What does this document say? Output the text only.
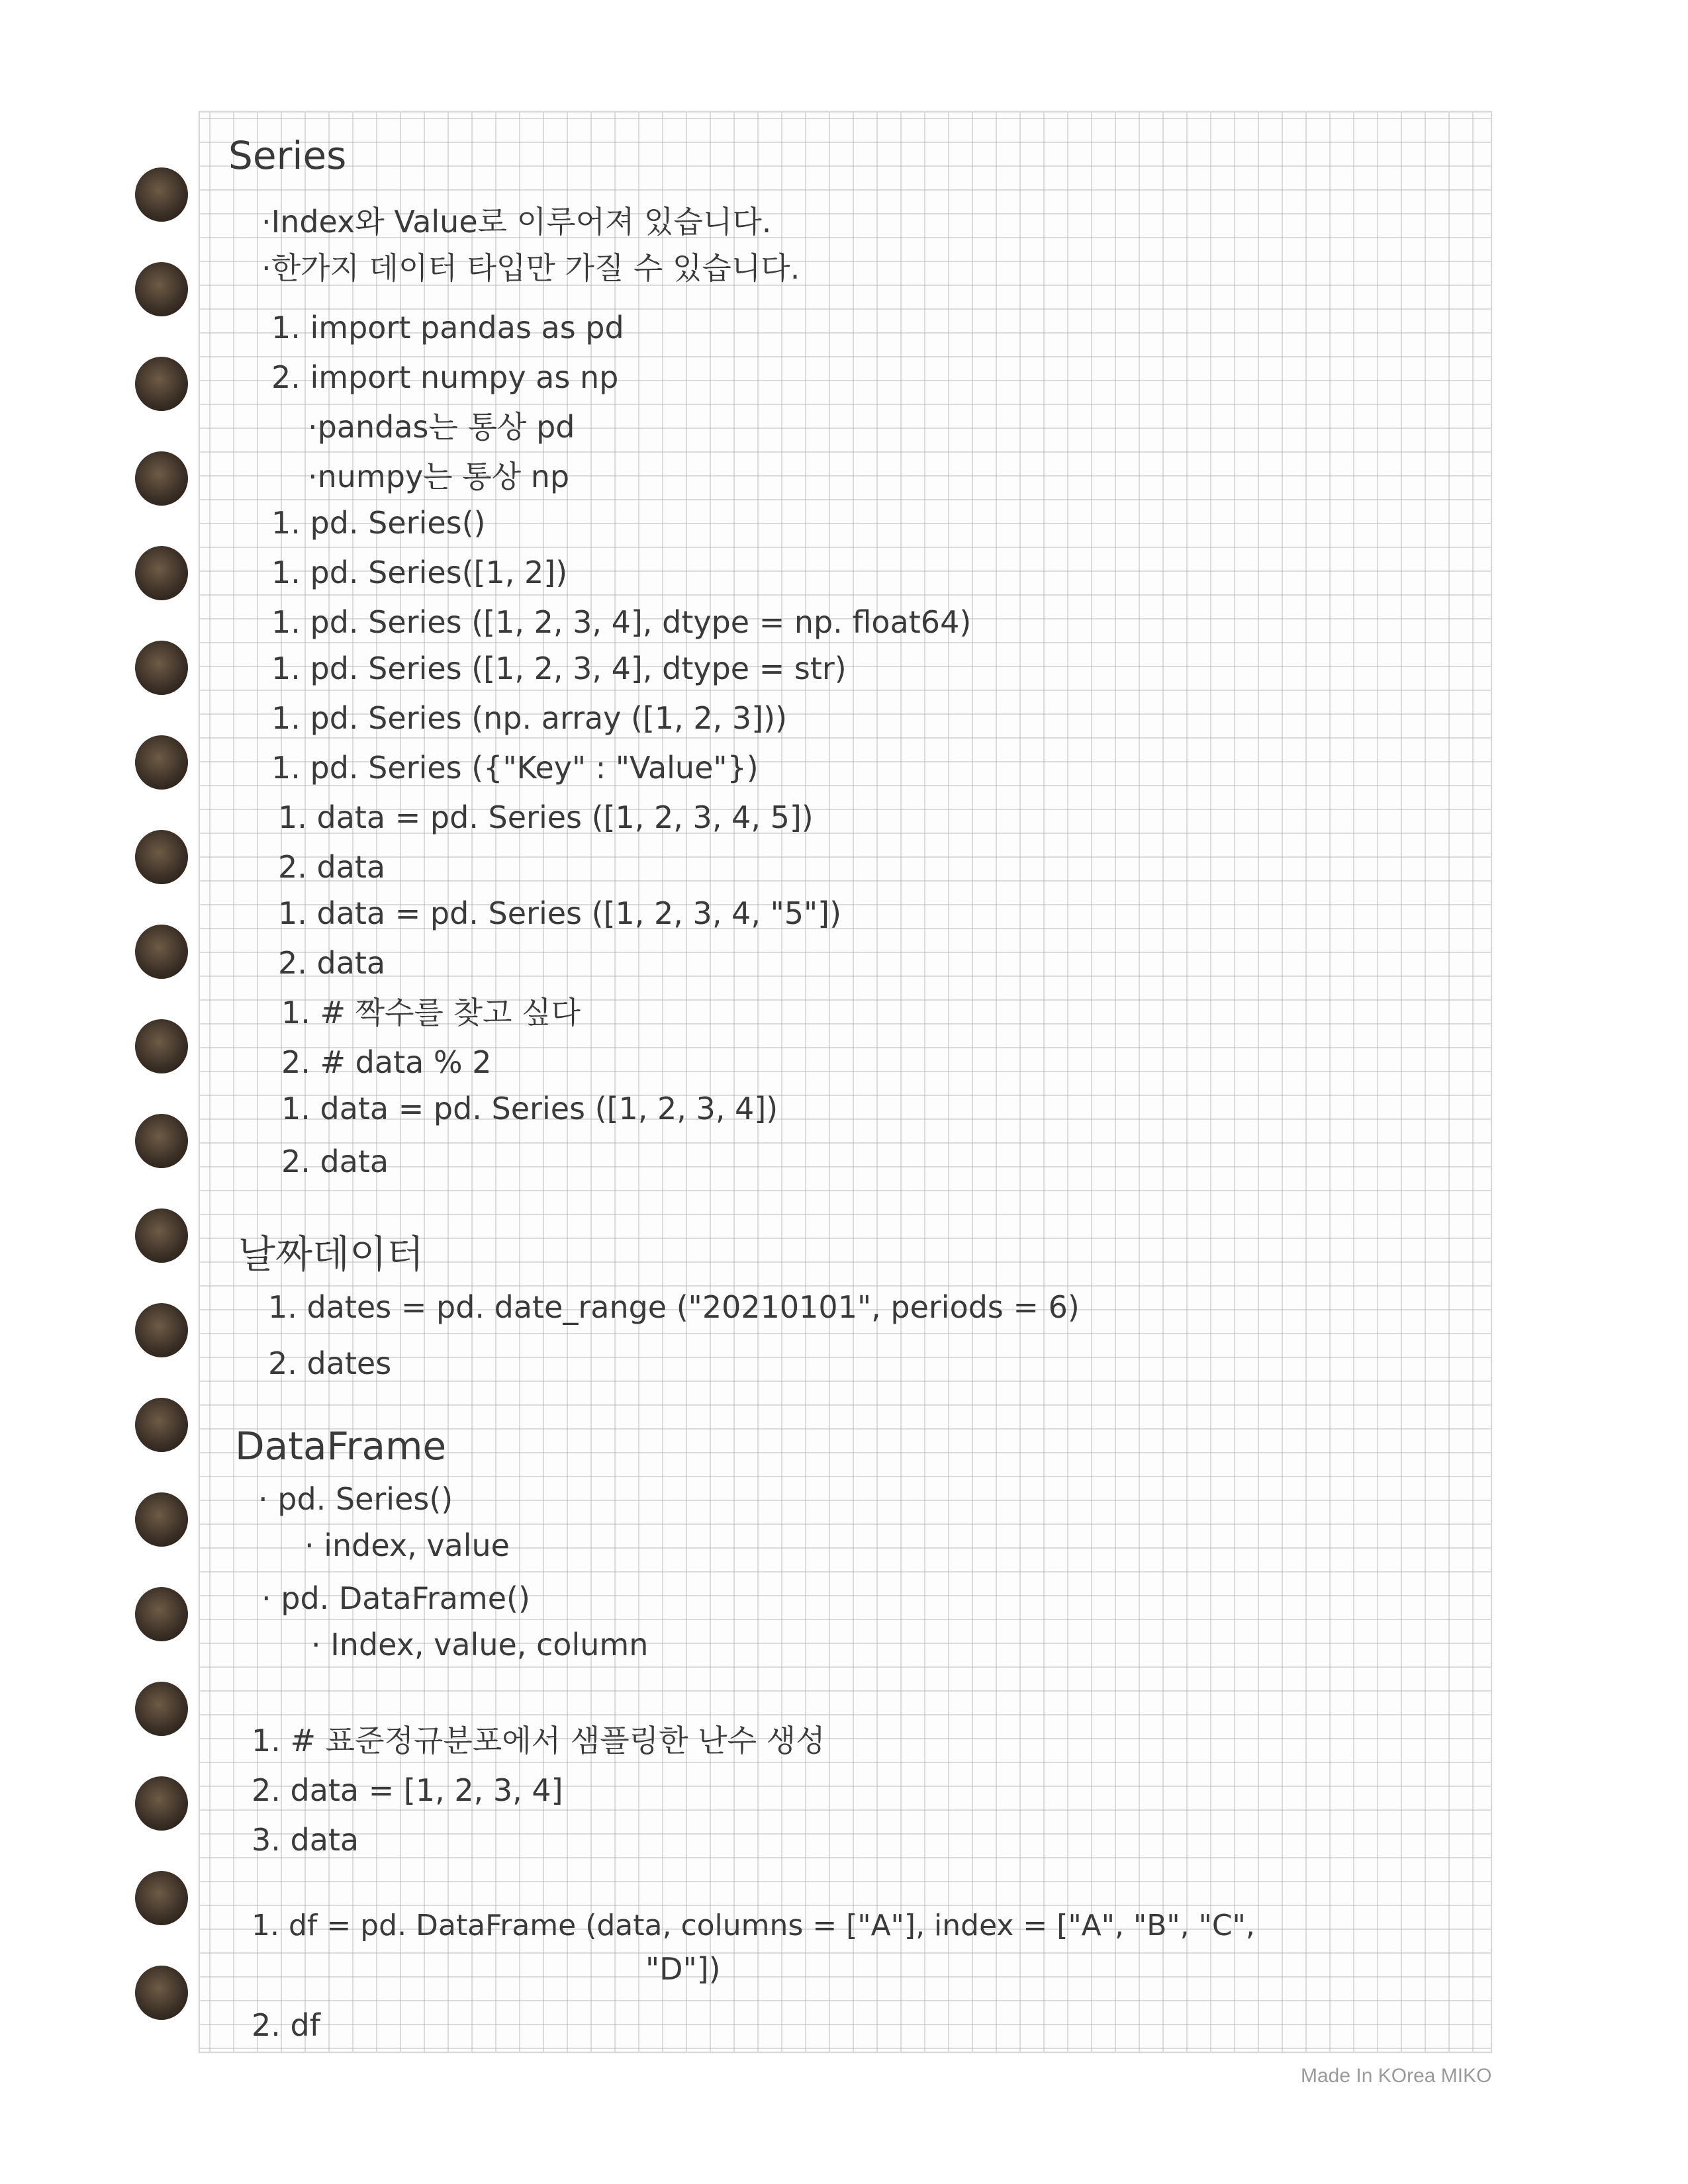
Series
·Index와 Value로 이루어져 있습니다.
·한가지 데이터 타입만 가질 수 있습니다.
1. import pandas as pd
2. import numpy as np
·pandas는 통상 pd
·numpy는 통상 np
1. pd. Series()
1. pd. Series([1, 2])
1. pd. Series ([1, 2, 3, 4], dtype = np. float64)
1. pd. Series ([1, 2, 3, 4], dtype = str)
1. pd. Series (np. array ([1, 2, 3]))
1. pd. Series ({"Key" : "Value"})
1. data = pd. Series ([1, 2, 3, 4, 5])
2. data
1. data = pd. Series ([1, 2, 3, 4, "5"])
2. data
1. # 짝수를 찾고 싶다
2. # data % 2
1. data = pd. Series ([1, 2, 3, 4])
2. data
날짜데이터
1. dates = pd. date_range ("20210101", periods = 6)
2. dates
DataFrame
· pd. Series()
· index, value
· pd. DataFrame()
· Index, value, column
1. # 표준정규분포에서 샘플링한 난수 생성
2. data = [1, 2, 3, 4]
3. data
1. df = pd. DataFrame (data, columns = ["A"], index = ["A", "B", "C",
"D"])
2. df
Made In KOrea MIKO
